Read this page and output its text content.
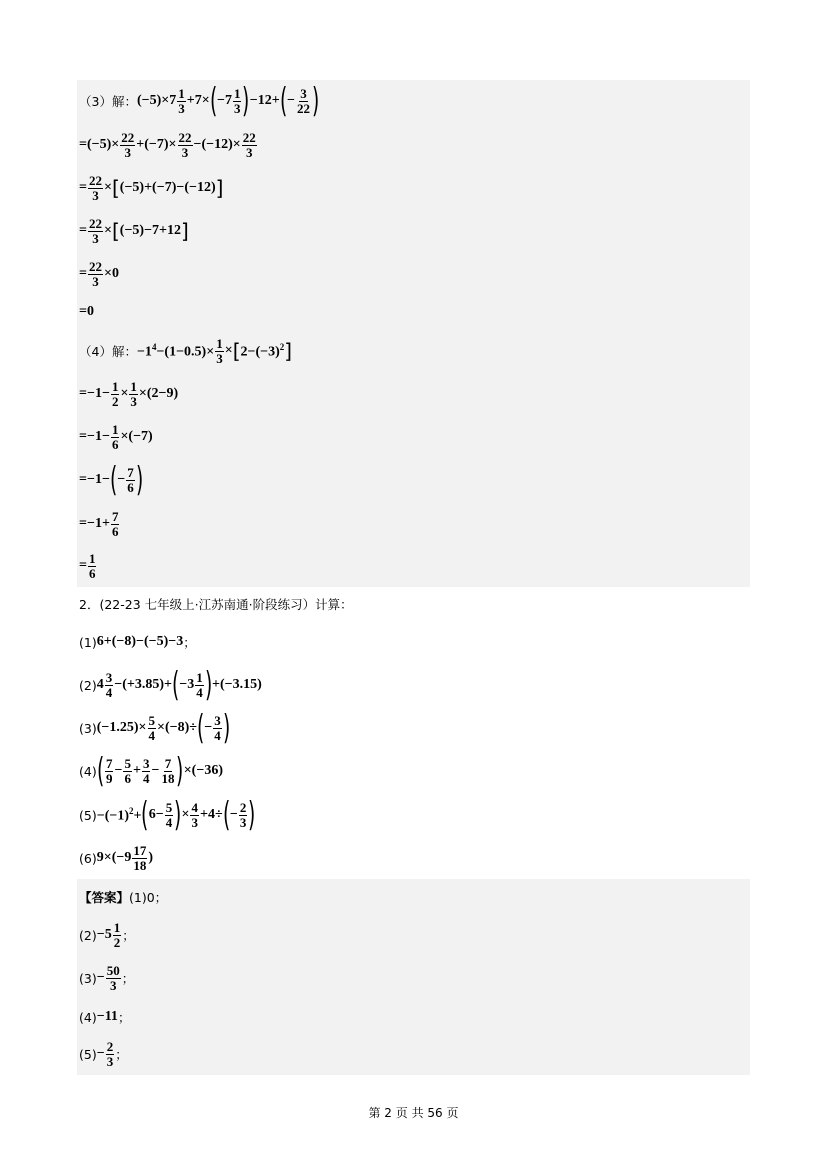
（3）解： $(-5)\times 7 \frac{1}{3} +7\times$ ( $-7 \frac{1}{3}$ ) −12+ ( − $\frac{3}{22}$ )
$=(-5)\times \frac{22}{3} +(-7)\times \frac{22}{3} -(-12)\times \frac{22}{3}$
= $\frac{22}{3}$ × [ (−5)+(−7)−(−12) ]
= $\frac{22}{3}$ × [ (−5)−7+12 ]
= $\frac{22}{3} \times 0$
=0
（4）解： $-1^4-(1-0.5)\times \frac{1}{3}$ × [ $2-(-3)^2$ ]
$=-1- \frac{1}{2} \times \frac{1}{3} \times(2-9)$
$=-1- \frac{1}{6} \times(-7)$
=−1− ( − $\frac{7}{6}$ )
$=-1+ \frac{7}{6}$
= $\frac{1}{6}$
2．(22-23 七年级上·江苏南通·阶段练习）计算：
(1) 6+(−8)−(−5)−3 ；
(2) $4 \frac{3}{4} -(+3.85)+$ ( $-3 \frac{1}{4}$ ) +(−3.15)
(3) $(-1.25)\times \frac{5}{4} \times(-8)\div$ ( − $\frac{3}{4}$ )
(4) ( $\frac{7}{9} - \frac{5}{6} + \frac{3}{4} - \frac{7}{18}$ ) ×(−36)
$(5) -(-1)^2+$ ( $6- \frac{5}{4}$ ) × $\frac{4}{3} +4\div$ ( − $\frac{2}{3}$ )
(6) $9\times(-9 \frac{17}{18}$ )
【答案】 (1)0；
$(2) -5 \frac{1}{2}$ ；
$(3) - \frac{50}{3}$ ；
(4) −11 ；
$(5) - \frac{2}{3}$ ；
第 2 页 共 56 页
